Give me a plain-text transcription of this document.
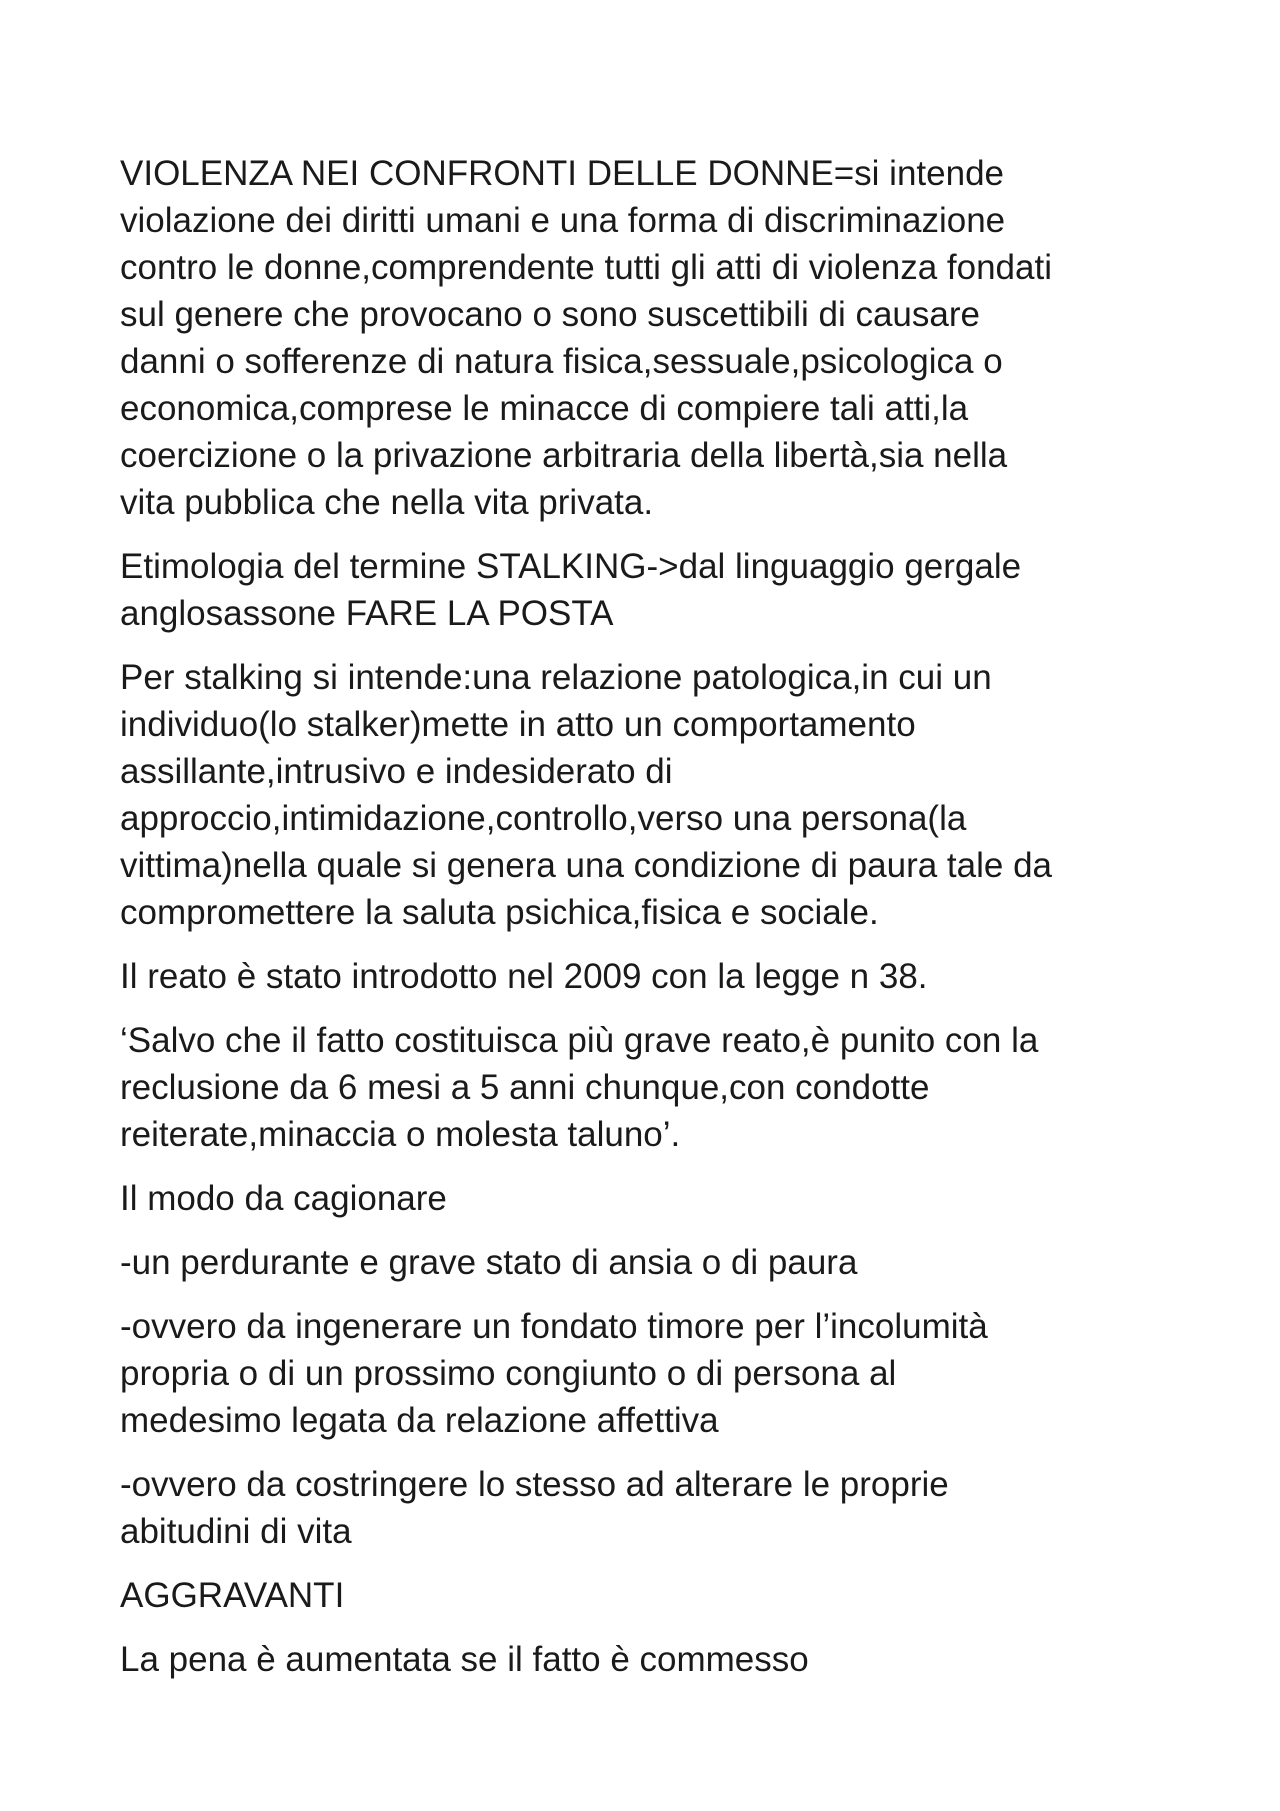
VIOLENZA NEI CONFRONTI DELLE DONNE=si intende
violazione dei diritti umani e una forma di discriminazione
contro le donne,comprendente tutti gli atti di violenza fondati
sul genere che provocano o sono suscettibili di causare
danni o sofferenze di natura fisica,sessuale,psicologica o
economica,comprese le minacce di compiere tali atti,la
coercizione o la privazione arbitraria della libertà,sia nella
vita pubblica che nella vita privata.

Etimologia del termine STALKING->dal linguaggio gergale
anglosassone FARE LA POSTA

Per stalking si intende:una relazione patologica,in cui un
individuo(lo stalker)mette in atto un comportamento
assillante,intrusivo e indesiderato di
approccio,intimidazione,controllo,verso una persona(la
vittima)nella quale si genera una condizione di paura tale da
compromettere la saluta psichica,fisica e sociale.

Il reato è stato introdotto nel 2009 con la legge n 38.

‘Salvo che il fatto costituisca più grave reato,è punito con la
reclusione da 6 mesi a 5 anni chunque,con condotte
reiterate,minaccia o molesta taluno’.

Il modo da cagionare

-un perdurante e grave stato di ansia o di paura

-ovvero da ingenerare un fondato timore per l’incolumità
propria o di un prossimo congiunto o di persona al
medesimo legata da relazione affettiva

-ovvero da costringere lo stesso ad alterare le proprie
abitudini di vita

AGGRAVANTI

La pena è aumentata se il fatto è commesso
